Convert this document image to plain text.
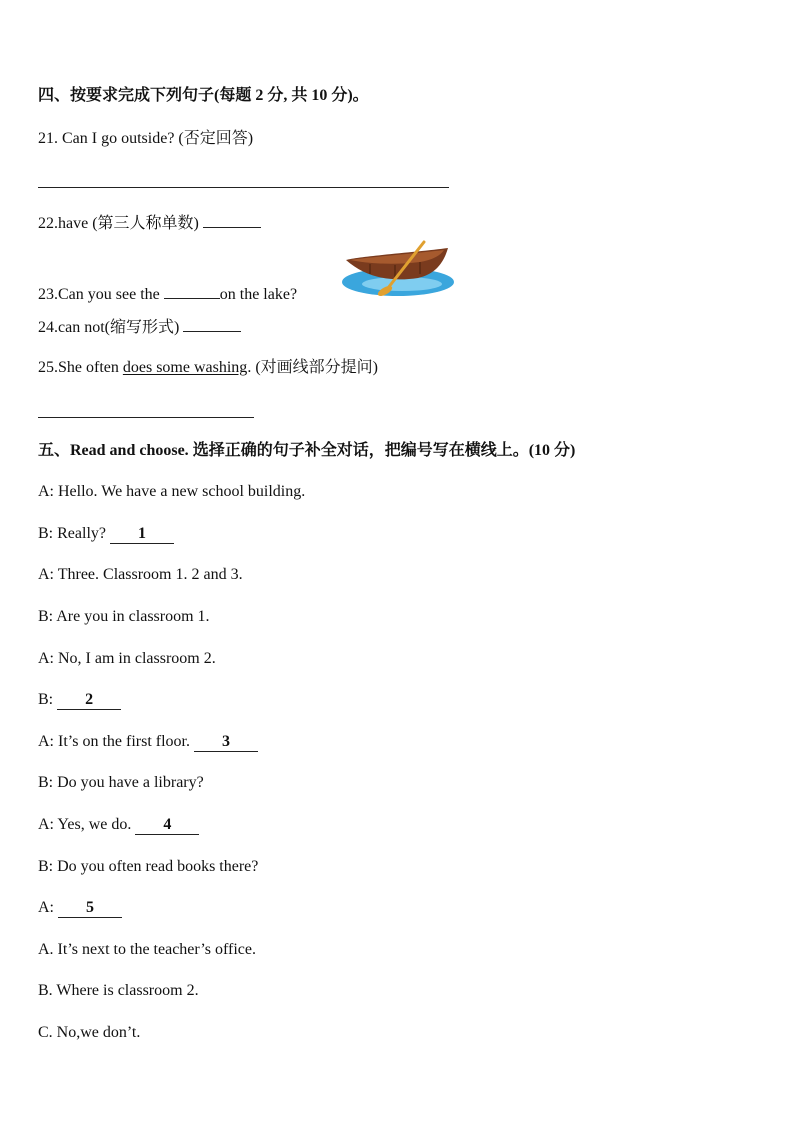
四、按要求完成下列句子(每题 2 分, 共 10 分)。
21. Can I go outside? (否定回答)
22.have (第三人称单数)
23.Can you see the	on the lake?
24.can not(缩写形式)
25.She often does some washing. (对画线部分提问)
五、Read and choose. 选择正确的句子补全对话，把编号写在横线上。(10 分)
A: Hello. We have a new school building.
B: Really? 1
A: Three. Classroom 1. 2 and 3.
B: Are you in classroom 1.
A: No, I am in classroom 2.
B: 2
A: It’s on the first floor. 3
B: Do you have a library?
A: Yes, we do. 4
B: Do you often read books there?
A: 5
A. It’s next to the teacher’s office.
B. Where is classroom 2.
C. No,we don’t.
